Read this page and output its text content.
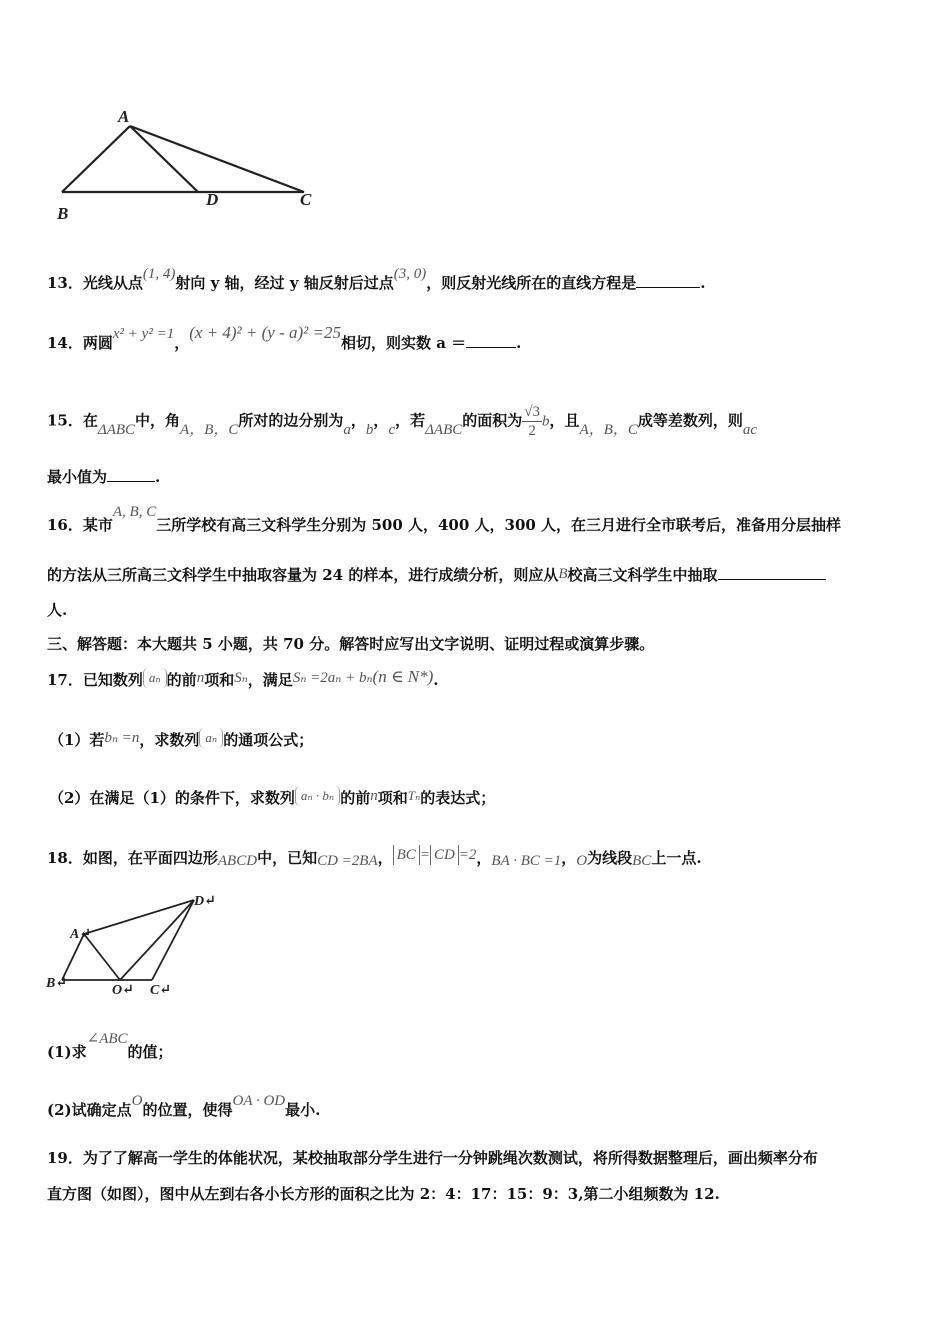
A
B
D	C
13．光线从点(1, 4)射向 y 轴，经过 y 轴反射后过点(3, 0)，则反射光线所在的直线方程是	.
14．两圆x² + y² =1，(x + 4)² + (y - a)² =25相切，则实数 a ＝	.
15．在ΔABC中，角A，B，C所对的边分别为a，b，c，若ΔABC的面积为 $\frac{√3}{2}$ b，且A，B，C成等差数列，则ac
最小值为	.
16．某市A, B, C三所学校有高三文科学生分别为 500 人，400 人，300 人，在三月进行全市联考后，准备用分层抽样
的方法从三所高三文科学生中抽取容量为 24 的样本，进行成绩分析，则应从B校高三文科学生中抽取
人.
三、解答题：本大题共 5 小题，共 70 分。解答时应写出文字说明、证明过程或演算步骤。
17．已知数列 aₙ 的前n项和Sₙ，满足Sₙ =2aₙ + bₙ(n ∈ N*).
（1）若bₙ =n，求数列 aₙ 的通项公式；
（2）在满足（1）的条件下，求数列 aₙ · bₙ 的前n项和Tₙ的表达式；
18．如图，在平面四边形ABCD中，已知CD =2BA， BC = CD =2，BA · BC =1，O为线段BC上一点.
A↵
B↵	O↵ C↵
D↵
(1)求∠ABC的值；
(2)试确定点O的位置，使得OA · OD最小.
19．为了了解高一学生的体能状况，某校抽取部分学生进行一分钟跳绳次数测试，将所得数据整理后，画出频率分布
直方图（如图），图中从左到右各小长方形的面积之比为 2：4：17：15：9：3,第二小组频数为 12.
